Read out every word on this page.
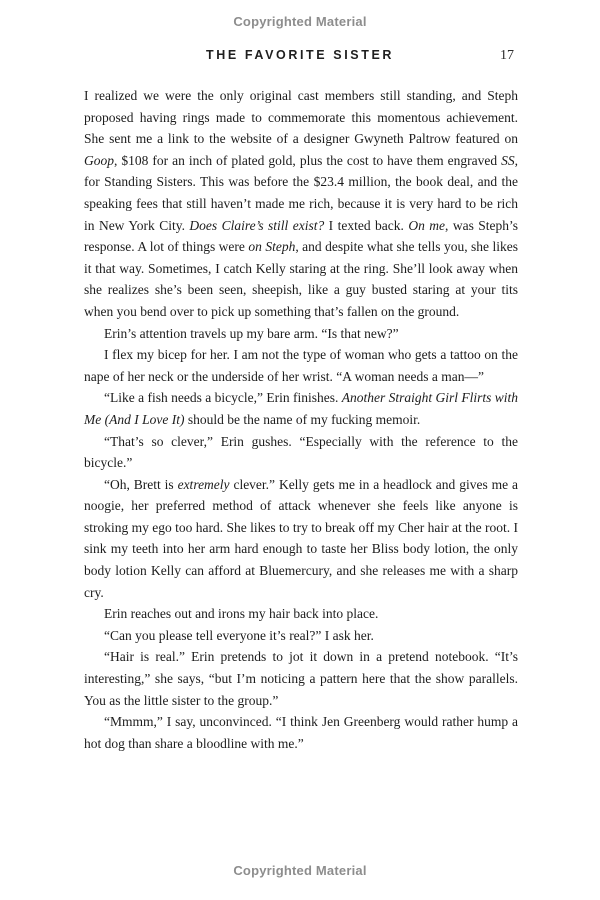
Copyrighted Material
THE FAVORITE SISTER	17

I realized we were the only original cast members still standing, and Steph proposed having rings made to commemorate this momentous achievement. She sent me a link to the website of a designer Gwyneth Paltrow featured on Goop, $108 for an inch of plated gold, plus the cost to have them engraved SS, for Standing Sisters. This was before the $23.4 million, the book deal, and the speaking fees that still haven’t made me rich, because it is very hard to be rich in New York City. Does Claire’s still exist? I texted back. On me, was Steph’s response. A lot of things were on Steph, and despite what she tells you, she likes it that way. Sometimes, I catch Kelly staring at the ring. She’ll look away when she realizes she’s been seen, sheepish, like a guy busted staring at your tits when you bend over to pick up something that’s fallen on the ground.

Erin’s attention travels up my bare arm. “Is that new?”

I flex my bicep for her. I am not the type of woman who gets a tattoo on the nape of her neck or the underside of her wrist. “A woman needs a man—”

“Like a fish needs a bicycle,” Erin finishes. Another Straight Girl Flirts with Me (And I Love It) should be the name of my fucking memoir.

“That’s so clever,” Erin gushes. “Especially with the reference to the bicycle.”

“Oh, Brett is extremely clever.” Kelly gets me in a headlock and gives me a noogie, her preferred method of attack whenever she feels like anyone is stroking my ego too hard. She likes to try to break off my Cher hair at the root. I sink my teeth into her arm hard enough to taste her Bliss body lotion, the only body lotion Kelly can afford at Bluemercury, and she releases me with a sharp cry.

Erin reaches out and irons my hair back into place.

“Can you please tell everyone it’s real?” I ask her.

“Hair is real.” Erin pretends to jot it down in a pretend notebook. “It’s interesting,” she says, “but I’m noticing a pattern here that the show parallels. You as the little sister to the group.”

“Mmmm,” I say, unconvinced. “I think Jen Greenberg would rather hump a hot dog than share a bloodline with me.”

Copyrighted Material
